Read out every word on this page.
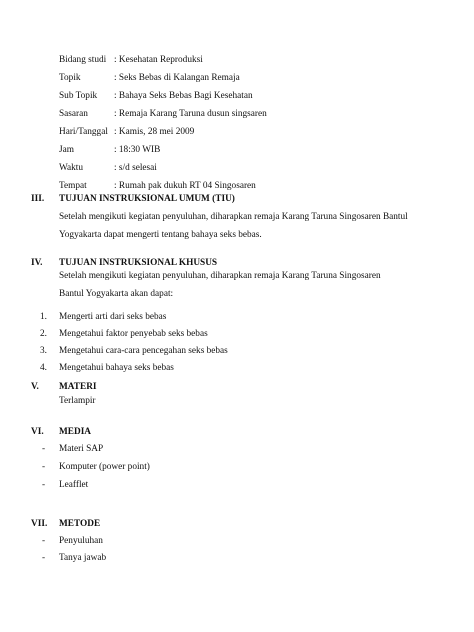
Bidang studi : Kesehatan Reproduksi
Topik	: Seks Bebas di Kalangan Remaja
Sub Topik : Bahaya Seks Bebas Bagi Kesehatan
Sasaran	: Remaja Karang Taruna dusun singsaren
Hari/Tanggal : Kamis, 28 mei 2009
Jam	: 18:30 WIB
Waktu	: s/d selesai
Tempat	: Rumah pak dukuh RT 04 Singosaren
III. TUJUAN INSTRUKSIONAL UMUM (TIU)
Setelah mengikuti kegiatan penyuluhan, diharapkan remaja Karang Taruna Singosaren Bantul
Yogyakarta dapat mengerti tentang bahaya seks bebas.
IV. TUJUAN INSTRUKSIONAL KHUSUS
Setelah mengikuti kegiatan penyuluhan, diharapkan remaja Karang Taruna Singosaren
Bantul Yogyakarta akan dapat:
1. Mengerti arti dari seks bebas
2. Mengetahui faktor penyebab seks bebas
3. Mengetahui cara-cara pencegahan seks bebas
4. Mengetahui bahaya seks bebas
V. MATERI
Terlampir
VI. MEDIA
- Materi SAP
- Komputer (power point)
- Leafflet
VII. METODE
- Penyuluhan
- Tanya jawab
